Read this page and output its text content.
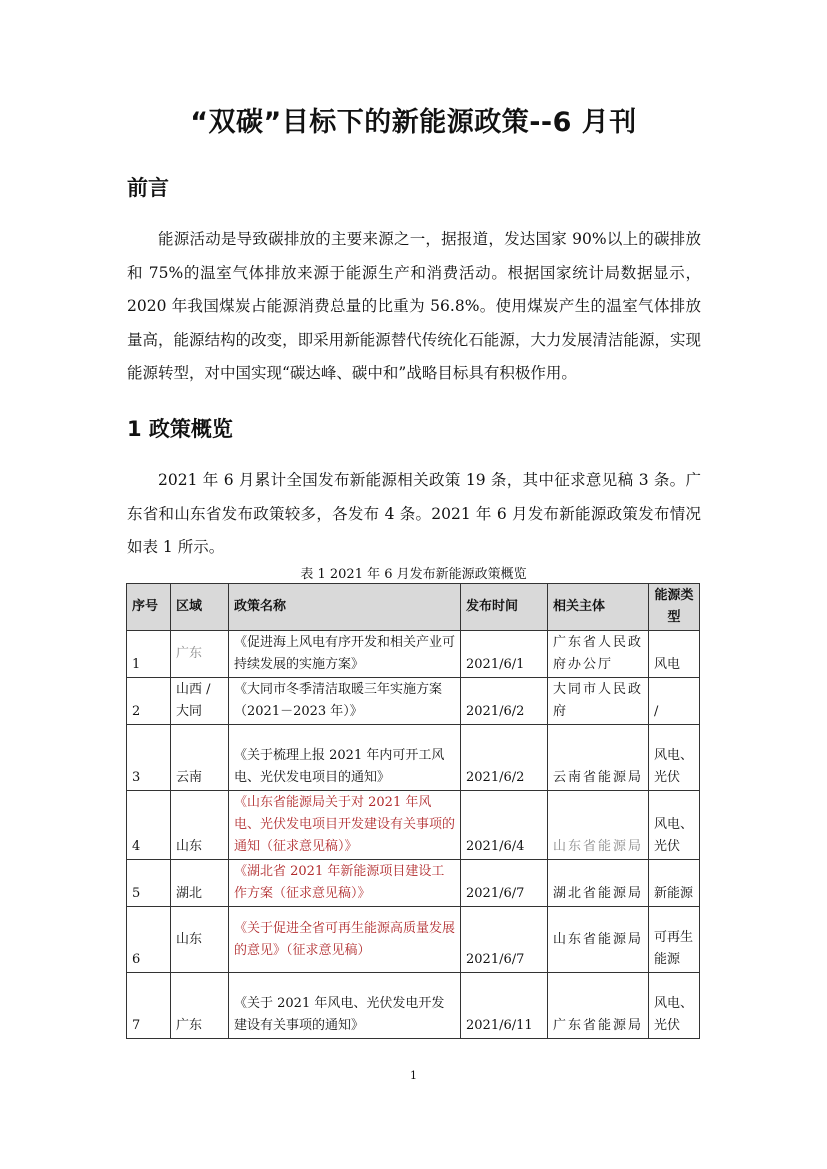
“双碳”目标下的新能源政策--6 月刊
前言

能源活动是导致碳排放的主要来源之一，据报道，发达国家 90%以上的碳排放和 75%的温室气体排放来源于能源生产和消费活动。根据国家统计局数据显示，2020 年我国煤炭占能源消费总量的比重为 56.8%。使用煤炭产生的温室气体排放量高，能源结构的改变，即采用新能源替代传统化石能源，大力发展清洁能源，实现能源转型，对中国实现“碳达峰、碳中和”战略目标具有积极作用。

1 政策概览

2021 年 6 月累计全国发布新能源相关政策 19 条，其中征求意见稿 3 条。广东省和山东省发布政策较多，各发布 4 条。2021 年 6 月发布新能源政策发布情况如表 1 所示。

表 1 2021 年 6 月发布新能源政策概览
序号	区域	政策名称	发布时间	相关主体	能源类型
1	广东	《促进海上风电有序开发和相关产业可持续发展的实施方案》	2021/6/1	广东省人民政府办公厅	风电
2	山西 / 大同	《大同市冬季清洁取暖三年实施方案（2021－2023 年）》	2021/6/2	大同市人民政府	/
3	云南	《关于梳理上报 2021 年内可开工风电、光伏发电项目的通知》	2021/6/2	云南省能源局	风电、光伏
4	山东	《山东省能源局关于对 2021 年风电、光伏发电项目开发建设有关事项的通知（征求意见稿）》	2021/6/4	山东省能源局	风电、光伏
5	湖北	《湖北省 2021 年新能源项目建设工作方案（征求意见稿）》	2021/6/7	湖北省能源局	新能源
6	山东	《关于促进全省可再生能源高质量发展的意见》（征求意见稿）	2021/6/7	山东省能源局	可再生能源
7	广东	《关于 2021 年风电、光伏发电开发建设有关事项的通知》	2021/6/11	广东省能源局	风电、光伏
1
